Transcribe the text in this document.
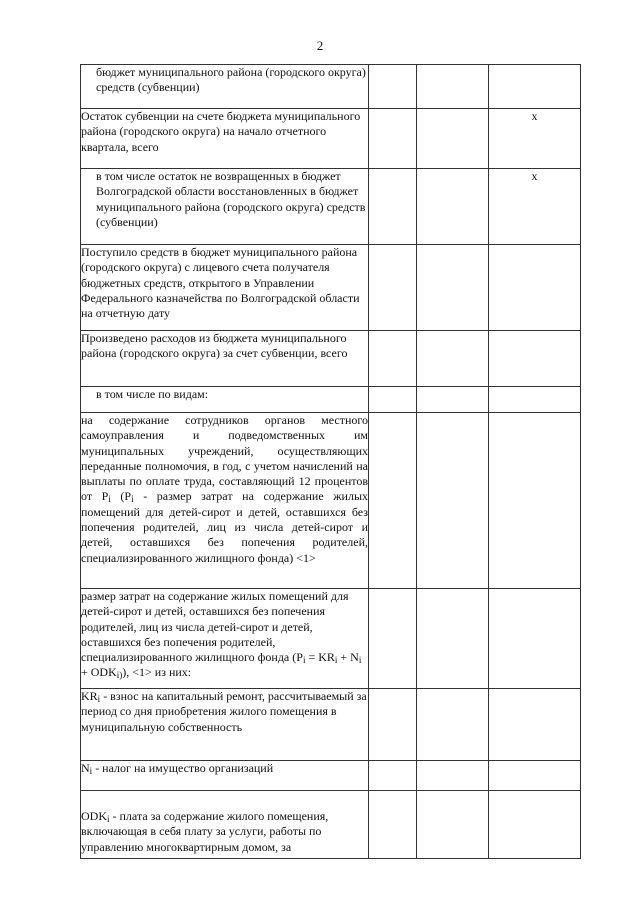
2
бюджет муниципального района (городского округа) средств (субвенции)			

Остаток субвенции на счете бюджета муниципального района (городского округа) на начало отчетного квартала, всего			x

в том числе остаток не возвращенных в бюджет Волгоградской области восстановленных в бюджет муниципального района (городского округа) средств (субвенции)			x

Поступило средств в бюджет муниципального района (городского округа) с лицевого счета получателя бюджетных средств, открытого в Управлении Федерального казначейства по Волгоградской области на отчетную дату			

Произведено расходов из бюджета муниципального района (городского округа) за счет субвенции, всего			

в том числе по видам:			

на содержание сотрудников органов местного самоуправления и подведомственных им муниципальных учреждений, осуществляющих переданные полномочия, в год, с учетом начислений на выплаты по оплате труда, составляющий 12 процентов от $P_i$ ($P_i$ - размер затрат на содержание жилых помещений для детей-сирот и детей, оставшихся без попечения родителей, лиц из числа детей-сирот и детей, оставшихся без попечения родителей, специализированного жилищного фонда) <1>			

размер затрат на содержание жилых помещений для детей-сирот и детей, оставшихся без попечения родителей, лиц из числа детей-сирот и детей, оставшихся без попечения родителей, специализированного жилищного фонда $(P_i = KR_i + N_i + ODK_{i)})$, <1> из них:			

$KR_i$ - взнос на капитальный ремонт, рассчитываемый за период со дня приобретения жилого помещения в муниципальную собственность			

$N_i$ - налог на имущество организаций			

$ODK_i$ - плата за содержание жилого помещения, включающая в себя плату за услуги, работы по управлению многоквартирным домом, за			
